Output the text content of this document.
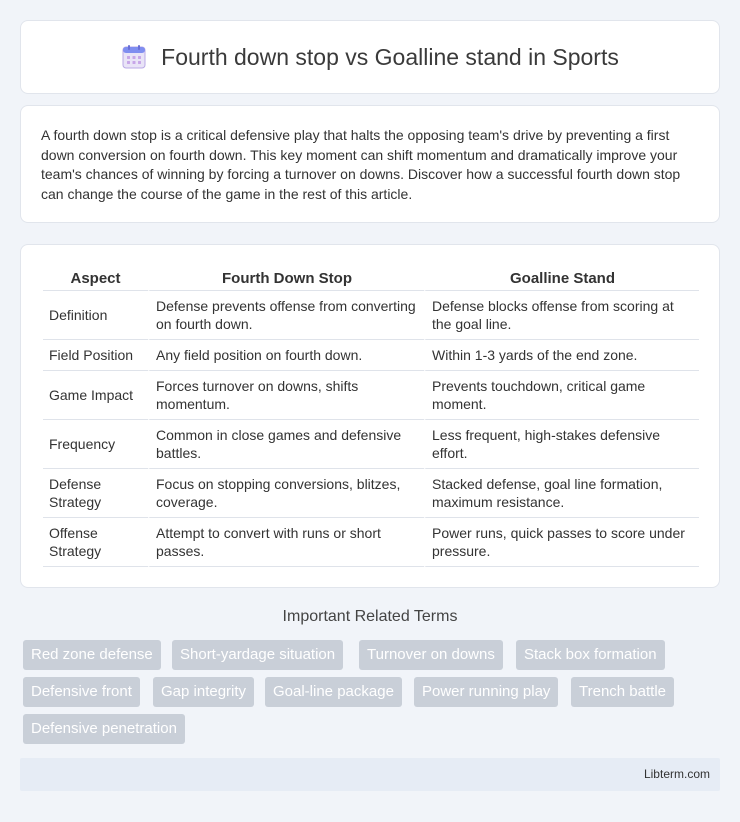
Fourth down stop vs Goalline stand in Sports

A fourth down stop is a critical defensive play that halts the opposing team's drive by preventing a first down conversion on fourth down. This key moment can shift momentum and dramatically improve your team's chances of winning by forcing a turnover on downs. Discover how a successful fourth down stop can change the course of the game in the rest of this article.

Aspect	Fourth Down Stop	Goalline Stand
Definition	Defense prevents offense from converting on fourth down.	Defense blocks offense from scoring at the goal line.
Field Position	Any field position on fourth down.	Within 1-3 yards of the end zone.
Game Impact	Forces turnover on downs, shifts momentum.	Prevents touchdown, critical game moment.
Frequency	Common in close games and defensive battles.	Less frequent, high-stakes defensive effort.
Defense Strategy	Focus on stopping conversions, blitzes, coverage.	Stacked defense, goal line formation, maximum resistance.
Offense Strategy	Attempt to convert with runs or short passes.	Power runs, quick passes to score under pressure.
Important Related Terms
Red zone defense	Short-yardage situation	Turnover on downs	Stack box formation
Defensive front	Gap integrity	Goal-line package	Power running play	Trench battle
Defensive penetration
Libterm.com
